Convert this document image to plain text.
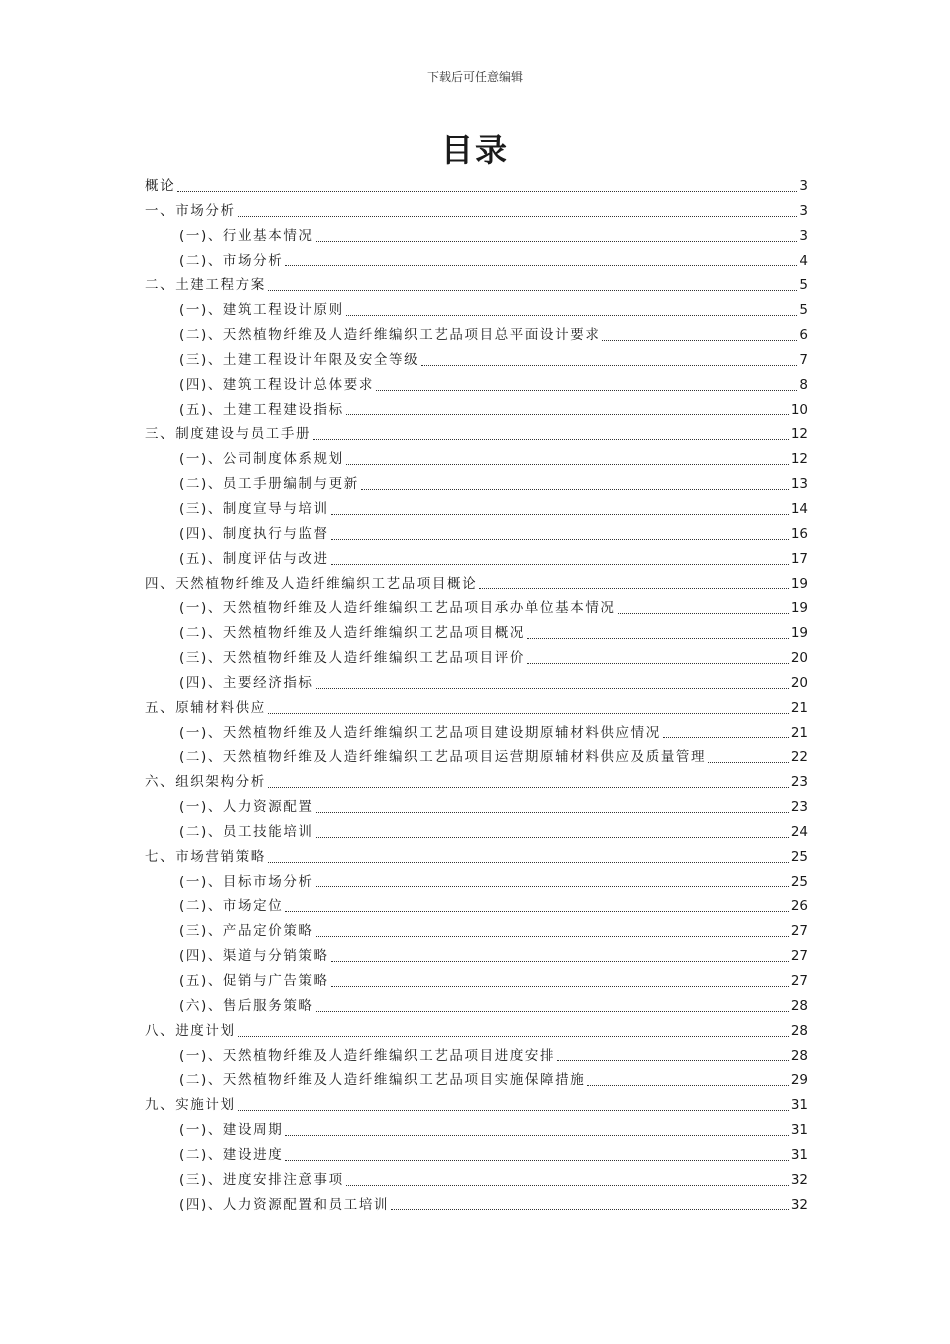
下载后可任意编辑
目录
概论	3
一、市场分析	3
(一)、行业基本情况	3
(二)、市场分析	4
二、土建工程方案	5
(一)、建筑工程设计原则	5
(二)、天然植物纤维及人造纤维编织工艺品项目总平面设计要求	6
(三)、土建工程设计年限及安全等级	7
(四)、建筑工程设计总体要求	8
(五)、土建工程建设指标	10
三、制度建设与员工手册	12
(一)、公司制度体系规划	12
(二)、员工手册编制与更新	13
(三)、制度宣导与培训	14
(四)、制度执行与监督	16
(五)、制度评估与改进	17
四、天然植物纤维及人造纤维编织工艺品项目概论	19
(一)、天然植物纤维及人造纤维编织工艺品项目承办单位基本情况	19
(二)、天然植物纤维及人造纤维编织工艺品项目概况	19
(三)、天然植物纤维及人造纤维编织工艺品项目评价	20
(四)、主要经济指标	20
五、原辅材料供应	21
(一)、天然植物纤维及人造纤维编织工艺品项目建设期原辅材料供应情况	21
(二)、天然植物纤维及人造纤维编织工艺品项目运营期原辅材料供应及质量管理	22
六、组织架构分析	23
(一)、人力资源配置	23
(二)、员工技能培训	24
七、市场营销策略	25
(一)、目标市场分析	25
(二)、市场定位	26
(三)、产品定价策略	27
(四)、渠道与分销策略	27
(五)、促销与广告策略	27
(六)、售后服务策略	28
八、进度计划	28
(一)、天然植物纤维及人造纤维编织工艺品项目进度安排	28
(二)、天然植物纤维及人造纤维编织工艺品项目实施保障措施	29
九、实施计划	31
(一)、建设周期	31
(二)、建设进度	31
(三)、进度安排注意事项	32
(四)、人力资源配置和员工培训	32
